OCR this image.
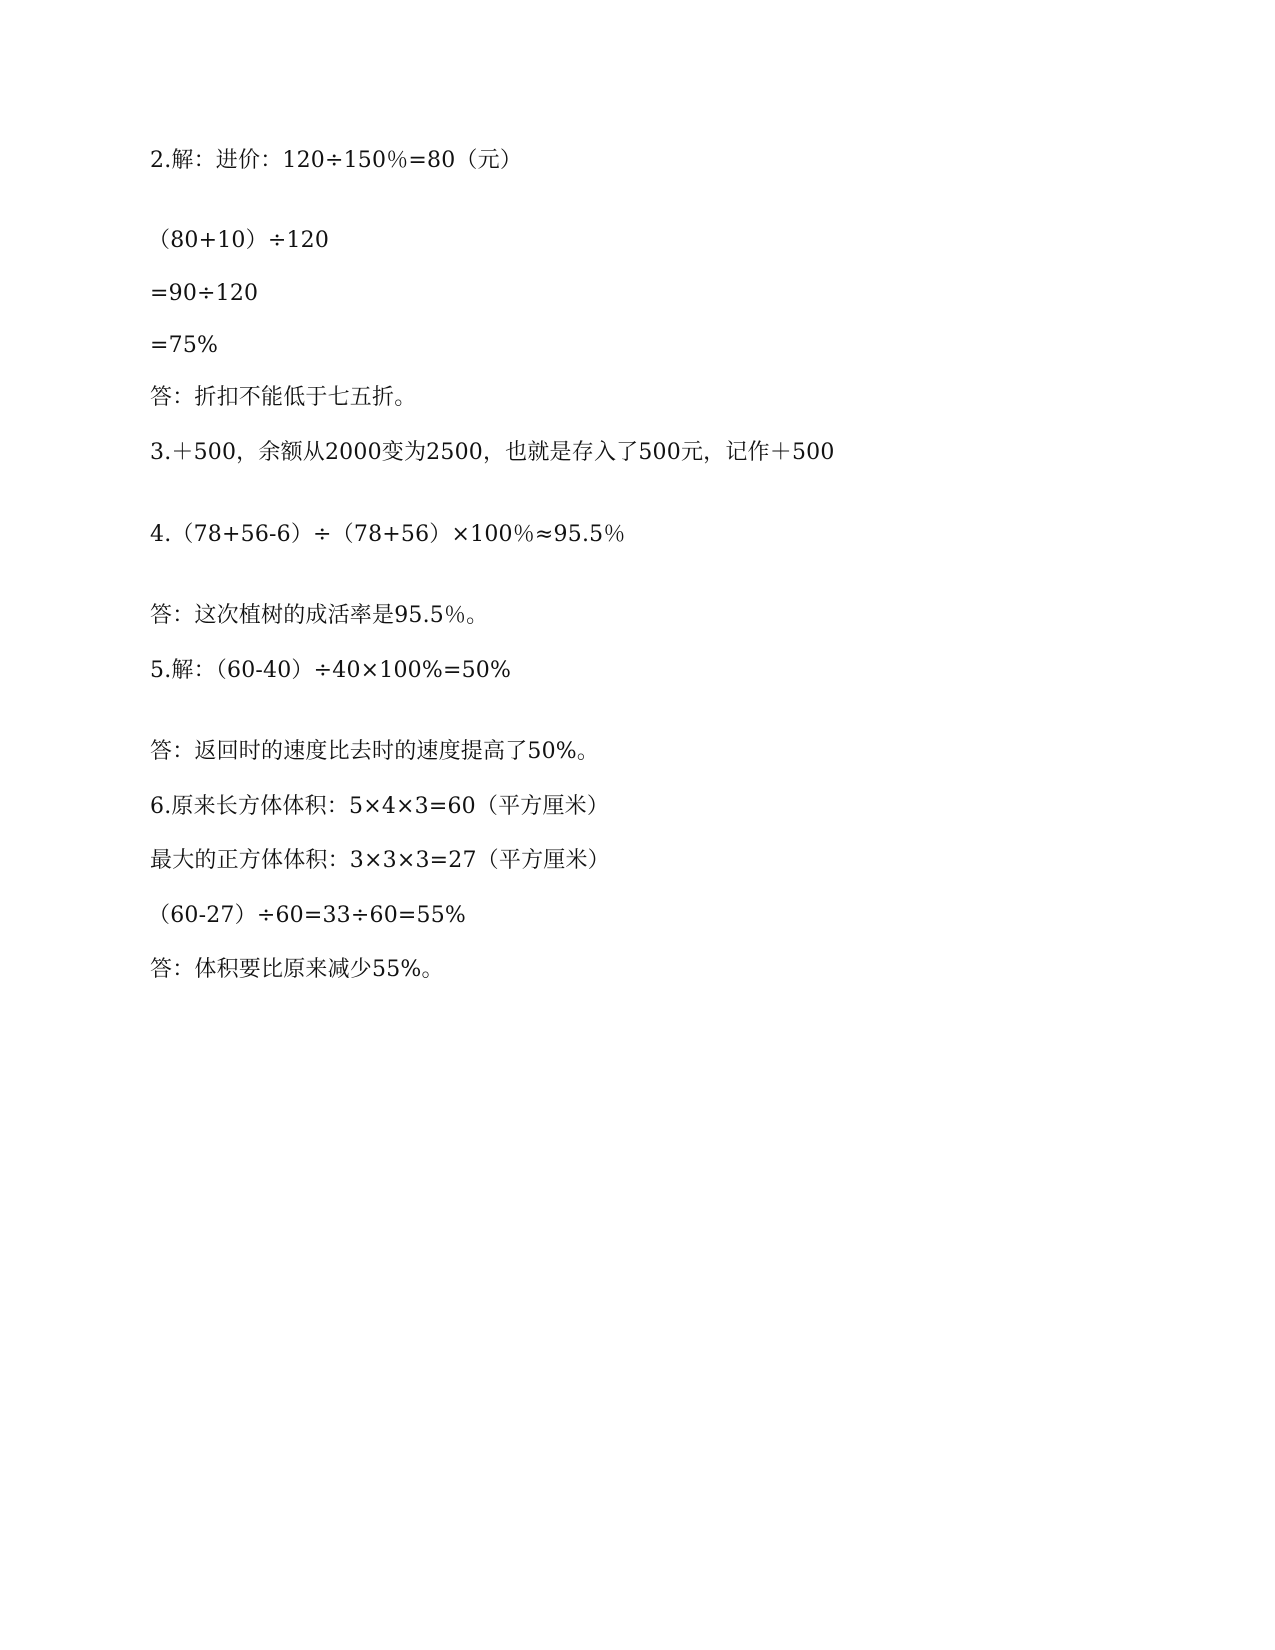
2.解：进价：120÷150％=80（元）
（80+10）÷120
=90÷120
=75%
答：折扣不能低于七五折。
3.＋500，余额从2000变为2500，也就是存入了500元，记作＋500
4.（78+56-6）÷（78+56）×100％≈95.5％
答：这次植树的成活率是95.5％。
5.解：（60-40）÷40×100%=50%
答：返回时的速度比去时的速度提高了50%。
6.原来长方体体积：5×4×3=60（平方厘米）
最大的正方体体积：3×3×3=27（平方厘米）
（60-27）÷60=33÷60=55%
答：体积要比原来减少55%。
